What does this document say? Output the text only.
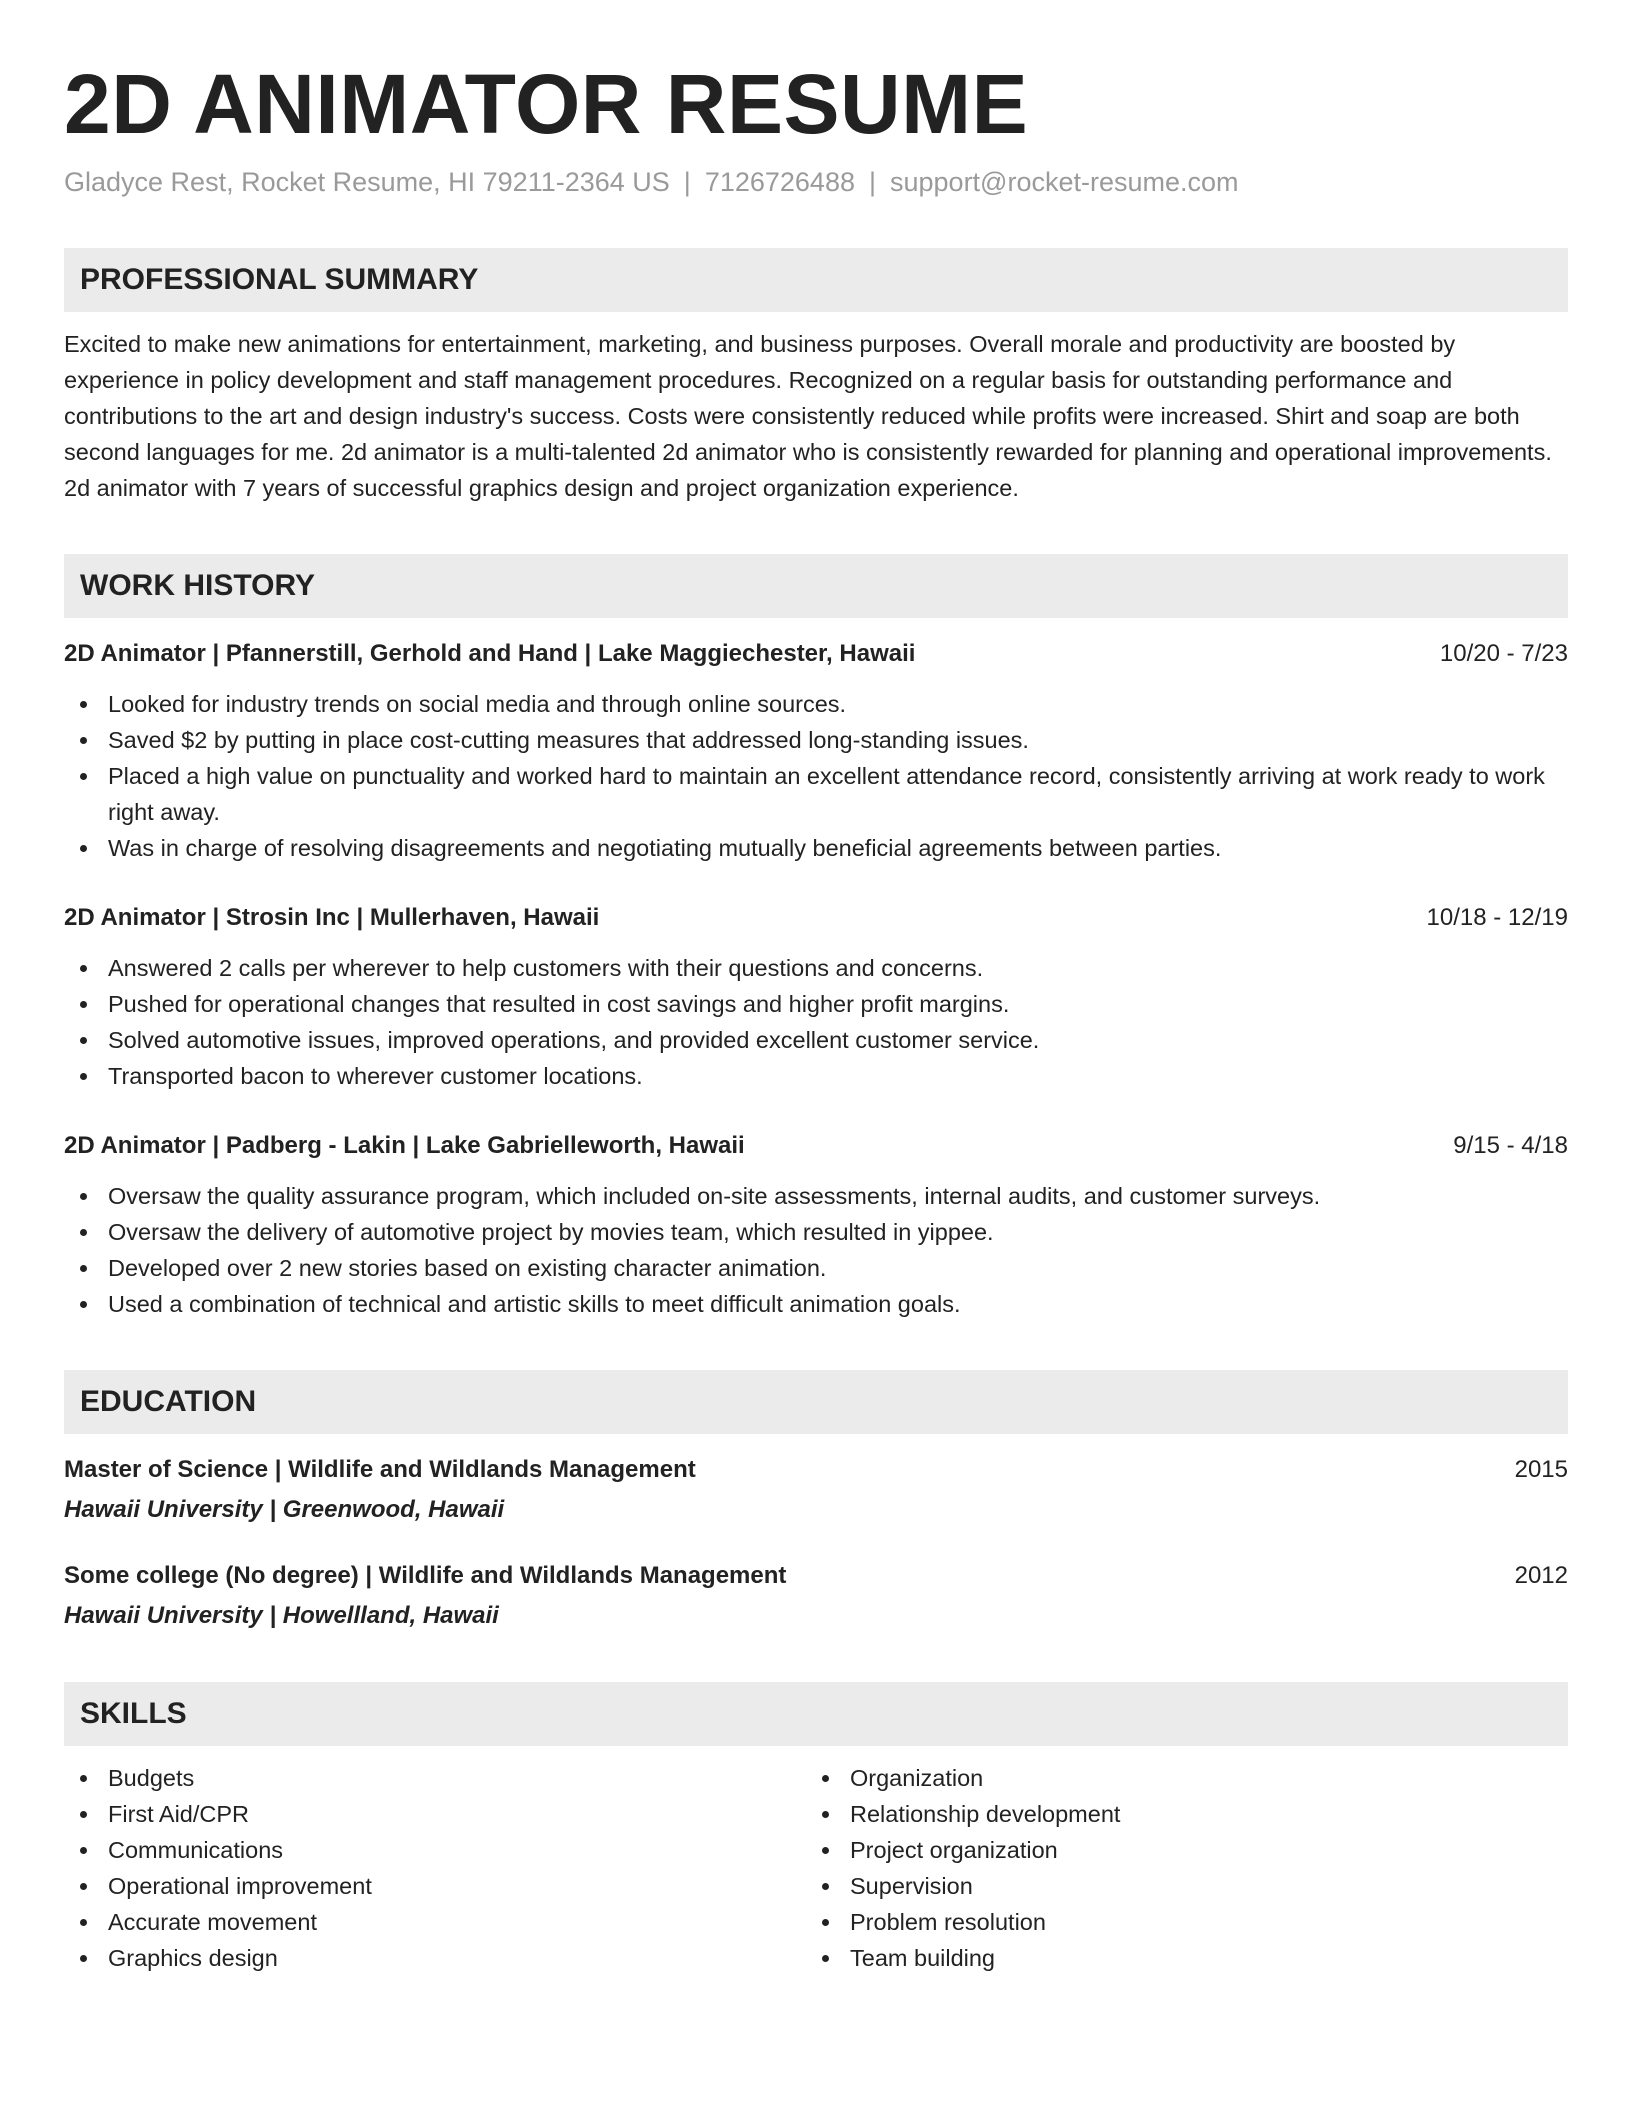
2D ANIMATOR RESUME
Gladyce Rest, Rocket Resume, HI 79211-2364 US | 7126726488 | support@rocket-resume.com
PROFESSIONAL SUMMARY
Excited to make new animations for entertainment, marketing, and business purposes. Overall morale and productivity are boosted by experience in policy development and staff management procedures. Recognized on a regular basis for outstanding performance and contributions to the art and design industry's success. Costs were consistently reduced while profits were increased. Shirt and soap are both second languages for me. 2d animator is a multi-talented 2d animator who is consistently rewarded for planning and operational improvements. 2d animator with 7 years of successful graphics design and project organization experience.
WORK HISTORY
2D Animator | Pfannerstill, Gerhold and Hand | Lake Maggiechester, Hawaii	10/20 - 7/23
Looked for industry trends on social media and through online sources.
Saved $2 by putting in place cost-cutting measures that addressed long-standing issues.
Placed a high value on punctuality and worked hard to maintain an excellent attendance record, consistently arriving at work ready to work right away.
Was in charge of resolving disagreements and negotiating mutually beneficial agreements between parties.
2D Animator | Strosin Inc | Mullerhaven, Hawaii	10/18 - 12/19
Answered 2 calls per wherever to help customers with their questions and concerns.
Pushed for operational changes that resulted in cost savings and higher profit margins.
Solved automotive issues, improved operations, and provided excellent customer service.
Transported bacon to wherever customer locations.
2D Animator | Padberg - Lakin | Lake Gabrielleworth, Hawaii	9/15 - 4/18
Oversaw the quality assurance program, which included on-site assessments, internal audits, and customer surveys.
Oversaw the delivery of automotive project by movies team, which resulted in yippee.
Developed over 2 new stories based on existing character animation.
Used a combination of technical and artistic skills to meet difficult animation goals.
EDUCATION
Master of Science | Wildlife and Wildlands Management	2015
Hawaii University | Greenwood, Hawaii
Some college (No degree) | Wildlife and Wildlands Management	2012
Hawaii University | Howellland, Hawaii
SKILLS
Budgets
First Aid/CPR
Communications
Operational improvement
Accurate movement
Graphics design
Organization
Relationship development
Project organization
Supervision
Problem resolution
Team building
